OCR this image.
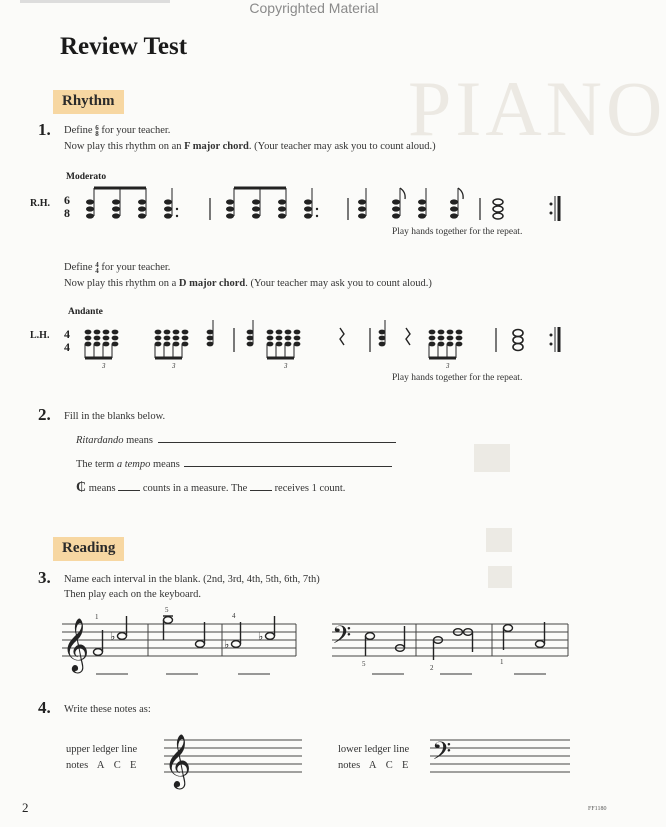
PIANO
Copyrighted Material
Review Test
Rhythm
1. Define 6
8 for your teacher.
Now play this rhythm on an F major chord. (Your teacher may ask you to count aloud.)
Moderato
R.H. 6
8
Play hands together for the repeat.
Define 4
4 for your teacher.
Now play this rhythm on a D major chord. (Your teacher may ask you to count aloud.)
Andante
L.H. 4
4
3	3	3	3
Play hands together for the repeat.
2. Fill in the blanks below.
Ritardando means
The term a tempo means
₵ means	counts in a measure. The	receives 1 count.
Reading
3. Name each interval in the blank. (2nd, 3rd, 4th, 5th, 6th, 7th)
Then play each on the keyboard.
𝄞 ♭
♭
♭
1
5
4
𝄢
5	2
1
4. Write these notes as:
upper ledger line
notes A C E 𝄞	lower ledger line
notes A C E 𝄢
2	FF1180
